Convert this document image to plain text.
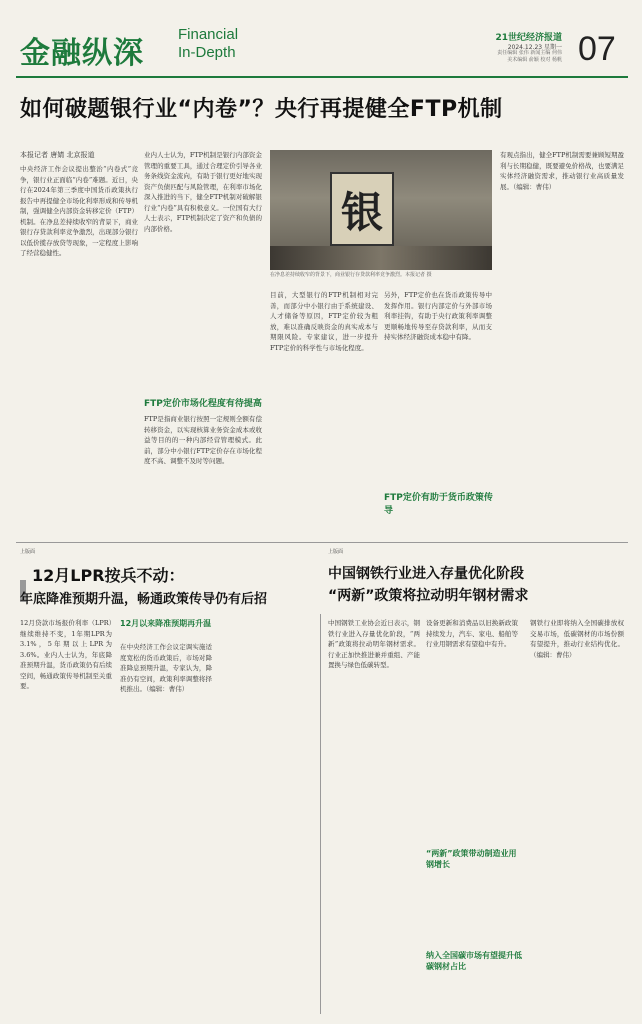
金融纵深
Financial
In-Depth
21世纪经济报道
2024.12.23 星期一
责任编辑 张伟 新闻主编 何伟
美术编辑 俞颖 校对 杨帆 07
如何破题银行业“内卷”？央行再提健全FTP机制
本报记者 唐婧 北京报道
中央经济工作会议提出整治“内卷式”竞争，银行业正面临“内卷”难题。近日，央行在2024年第三季度中国货币政策执行报告中再提健全市场化利率形成和传导机制，强调健全内部资金转移定价（FTP）机制。在净息差持续收窄的背景下，商业银行存贷款利率竞争激烈，出现部分银行以低价揽存放贷等现象，一定程度上影响了经营稳健性。
业内人士认为，FTP机制是银行内部资金管理的重要工具，通过合理定价引导各业务条线资金流向，有助于银行更好地实现资产负债匹配与风险管理，在利率市场化深入推进的当下，健全FTP机制对破解银行业“内卷”具有积极意义。一位国有大行人士表示，FTP机制决定了资产和负债的内部价格。
FTP定价市场化程度有待提高
FTP是指商业银行按照一定规则全额有偿转移资金，以实现核算业务资金成本或收益等目的的一种内部经营管理模式。此前，部分中小银行FTP定价存在市场化程度不高、调整不及时等问题。
银
在净息差持续收窄的背景下，商业银行存贷款利率竞争激烈。本报记者 摄
目前，大型银行的FTP机制相对完善，而部分中小银行由于系统建设、人才储备等原因，FTP定价较为粗放，难以准确反映资金的真实成本与期限风险。专家建议，进一步提升FTP定价的科学性与市场化程度。
FTP定价有助于货币政策传导
另外，FTP定价也在货币政策传导中发挥作用。银行内部定价与外部市场利率挂钩，有助于央行政策利率调整更顺畅地传导至存贷款利率，从而支持实体经济融资成本稳中有降。
有观点指出，健全FTP机制需要兼顾短期盈利与长期稳健，既要避免价格战，也要满足实体经济融资需求，推动银行业高质量发展。（编辑：曹伟）
上版面
12月LPR按兵不动：
年底降准预期升温，畅通政策传导仍有后招
12月贷款市场报价利率（LPR）继续维持不变，1年期LPR为3.1%，5年期以上LPR为3.6%。业内人士认为，年底降准预期升温，货币政策仍有后续空间，畅通政策传导机制至关重要。
12月以来降准预期再升温
在中央经济工作会议定调实施适度宽松的货币政策后，市场对降准降息预期升温，专家认为，降准仍有空间，政策利率调整将择机推出。（编辑：曹伟）
上版面
中国钢铁行业进入存量优化阶段
“两新”政策将拉动明年钢材需求
中国钢铁工业协会近日表示，钢铁行业进入存量优化阶段，“两新”政策将拉动明年钢材需求。行业正加快推进兼并重组、产能置换与绿色低碳转型。
“两新”政策带动制造业用钢增长
设备更新和消费品以旧换新政策持续发力，汽车、家电、船舶等行业用钢需求有望稳中有升。
纳入全国碳市场有望提升低碳钢材占比
钢铁行业即将纳入全国碳排放权交易市场，低碳钢材的市场份额有望提升，推动行业结构优化。（编辑：曹伟）
